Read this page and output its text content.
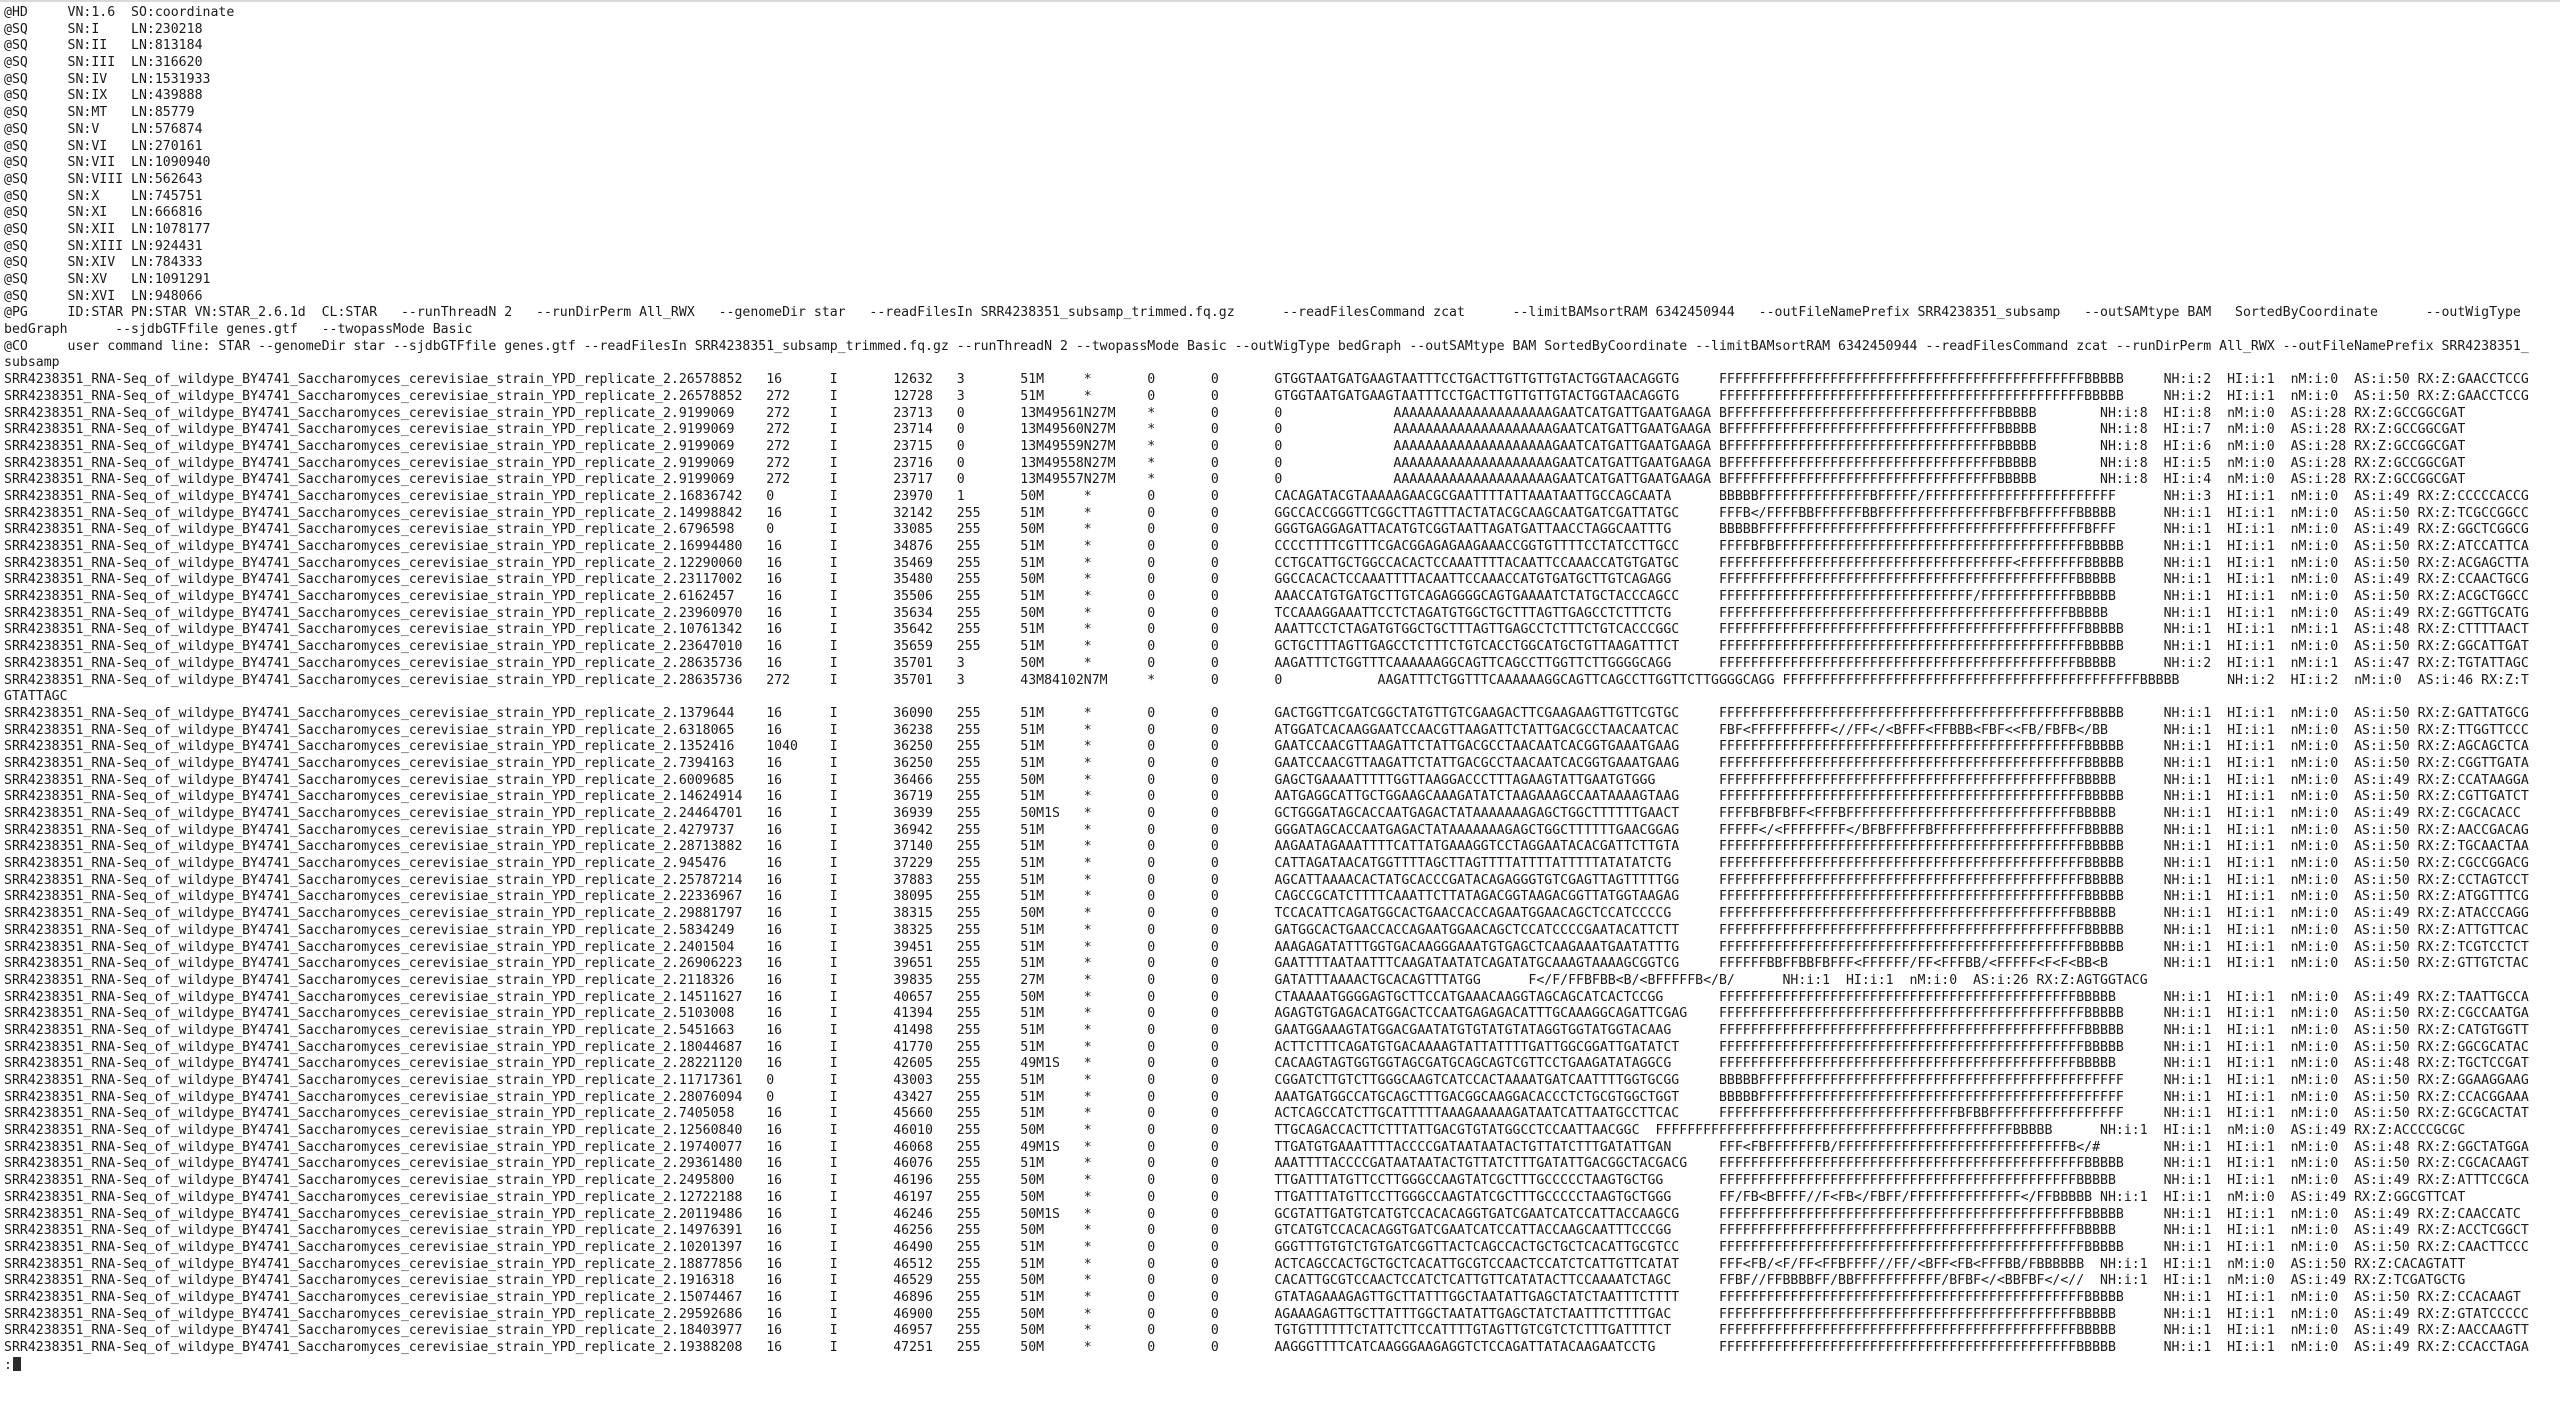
@HD	VN:1.6	SO:coordinate
@SQ	SN:I	LN:230218
@SQ	SN:II	LN:813184
@SQ	SN:III	LN:316620
@SQ	SN:IV	LN:1531933
@SQ	SN:IX	LN:439888
@SQ	SN:MT	LN:85779
@SQ	SN:V	LN:576874
@SQ	SN:VI	LN:270161
@SQ	SN:VII	LN:1090940
@SQ	SN:VIII	LN:562643
@SQ	SN:X	LN:745751
@SQ	SN:XI	LN:666816
@SQ	SN:XII	LN:1078177
@SQ	SN:XIII	LN:924431
@SQ	SN:XIV	LN:784333
@SQ	SN:XV	LN:1091291
@SQ	SN:XVI	LN:948066
@PG	ID:STAR PN:STAR VN:STAR_2.6.1d  CL:STAR   --runThreadN 2   --runDirPerm All_RWX   --genomeDir star   --readFilesIn SRR4238351_subsamp_trimmed.fq.gz      --readFilesCommand zcat      --limitBAMsortRAM 6342450944   --outFileNamePrefix SRR4238351_subsamp   --outSAMtype BAM   SortedByCoordinate      --outWigType
bedGraph      --sjdbGTFfile genes.gtf   --twopassMode Basic
@CO	user command line: STAR --genomeDir star --sjdbGTFfile genes.gtf --readFilesIn SRR4238351_subsamp_trimmed.fq.gz --runThreadN 2 --twopassMode Basic --outWigType bedGraph --outSAMtype BAM SortedByCoordinate --limitBAMsortRAM 6342450944 --readFilesCommand zcat --runDirPerm All_RWX --outFileNamePrefix SRR4238351_
subsamp
SRR4238351_RNA-Seq_of_wildype_BY4741_Saccharomyces_cerevisiae_strain_YPD_replicate_2.26578852	16	I	12632	3	51M	*	0	0	GTGGTAATGATGAAGTAATTTCCTGACTTGTTGTTGTACTGGTAACAGGTG	FFFFFFFFFFFFFFFFFFFFFFFFFFFFFFFFFFFFFFFFFFFFFFBBBBB	NH:i:2  HI:i:1  nM:i:0  AS:i:50 RX:Z:GAACCTCCG
SRR4238351_RNA-Seq_of_wildype_BY4741_Saccharomyces_cerevisiae_strain_YPD_replicate_2.26578852	272	I	12728	3	51M	*	0	0	GTGGTAATGATGAAGTAATTTCCTGACTTGTTGTTGTACTGGTAACAGGTG	FFFFFFFFFFFFFFFFFFFFFFFFFFFFFFFFFFFFFFFFFFFFFFBBBBB	NH:i:2  HI:i:1  nM:i:0  AS:i:50 RX:Z:GAACCTCCG
SRR4238351_RNA-Seq_of_wildype_BY4741_Saccharomyces_cerevisiae_strain_YPD_replicate_2.9199069	272	I	23713	0	13M49561N27M	*	0	0	AAAAAAAAAAAAAAAAAAAAGAATCATGATTGAATGAAGA	BFFFFFFFFFFFFFFFFFFFFFFFFFFFFFFFFFFBBBBB	NH:i:8  HI:i:8  nM:i:0  AS:i:28 RX:Z:GCCGGCGAT
SRR4238351_RNA-Seq_of_wildype_BY4741_Saccharomyces_cerevisiae_strain_YPD_replicate_2.9199069	272	I	23714	0	13M49560N27M	*	0	0	AAAAAAAAAAAAAAAAAAAAGAATCATGATTGAATGAAGA	BFFFFFFFFFFFFFFFFFFFFFFFFFFFFFFFFFFBBBBB	NH:i:8  HI:i:7  nM:i:0  AS:i:28 RX:Z:GCCGGCGAT
SRR4238351_RNA-Seq_of_wildype_BY4741_Saccharomyces_cerevisiae_strain_YPD_replicate_2.9199069	272	I	23715	0	13M49559N27M	*	0	0	AAAAAAAAAAAAAAAAAAAAGAATCATGATTGAATGAAGA	BFFFFFFFFFFFFFFFFFFFFFFFFFFFFFFFFFFBBBBB	NH:i:8  HI:i:6  nM:i:0  AS:i:28 RX:Z:GCCGGCGAT
SRR4238351_RNA-Seq_of_wildype_BY4741_Saccharomyces_cerevisiae_strain_YPD_replicate_2.9199069	272	I	23716	0	13M49558N27M	*	0	0	AAAAAAAAAAAAAAAAAAAAGAATCATGATTGAATGAAGA	BFFFFFFFFFFFFFFFFFFFFFFFFFFFFFFFFFFBBBBB	NH:i:8  HI:i:5  nM:i:0  AS:i:28 RX:Z:GCCGGCGAT
SRR4238351_RNA-Seq_of_wildype_BY4741_Saccharomyces_cerevisiae_strain_YPD_replicate_2.9199069	272	I	23717	0	13M49557N27M	*	0	0	AAAAAAAAAAAAAAAAAAAAGAATCATGATTGAATGAAGA	BFFFFFFFFFFFFFFFFFFFFFFFFFFFFFFFFFFBBBBB	NH:i:8  HI:i:4  nM:i:0  AS:i:28 RX:Z:GCCGGCGAT
SRR4238351_RNA-Seq_of_wildype_BY4741_Saccharomyces_cerevisiae_strain_YPD_replicate_2.16836742	0	I	23970	1	50M	*	0	0	CACAGATACGTAAAAAGAACGCGAATTTTATTAAATAATTGCCAGCAATA	BBBBBFFFFFFFFFFFFFFBFFFFF/FFFFFFFFFFFFFFFFFFFFFFFF	NH:i:3  HI:i:1  nM:i:0  AS:i:49 RX:Z:CCCCCACCG
SRR4238351_RNA-Seq_of_wildype_BY4741_Saccharomyces_cerevisiae_strain_YPD_replicate_2.14998842	16	I	32142	255	51M	*	0	0	GGCCACCGGGTTCGGCTTAGTTTACTATACGCAAGCAATGATCGATTATGC	FFFB</FFFFBBFFFFFFBBFFFFFFFFFFFFFFFBFFBFFFFFFBBBBB	NH:i:1  HI:i:1  nM:i:0  AS:i:50 RX:Z:TCGCCGGCC
SRR4238351_RNA-Seq_of_wildype_BY4741_Saccharomyces_cerevisiae_strain_YPD_replicate_2.6796598	0	I	33085	255	50M	*	0	0	GGGTGAGGAGATTACATGTCGGTAATTAGATGATTAACCTAGGCAATTTG	BBBBBFFFFFFFFFFFFFFFFFFFFFFFFFFFFFFFFFFFFFFFFFBFFF	NH:i:1  HI:i:1  nM:i:0  AS:i:49 RX:Z:GGCTCGGCG
SRR4238351_RNA-Seq_of_wildype_BY4741_Saccharomyces_cerevisiae_strain_YPD_replicate_2.16994480	16	I	34876	255	51M	*	0	0	CCCCTTTTCGTTTCGACGGAGAGAAGAAACCGGTGTTTTCCTATCCTTGCC	FFFFBFBFFFFFFFFFFFFFFFFFFFFFFFFFFFFFFFFFFFFFFFBBBBB	NH:i:1  HI:i:1  nM:i:0  AS:i:50 RX:Z:ATCCATTCA
SRR4238351_RNA-Seq_of_wildype_BY4741_Saccharomyces_cerevisiae_strain_YPD_replicate_2.12290060	16	I	35469	255	51M	*	0	0	CCTGCATTGCTGGCCACACTCCAAATTTTACAATTCCAAACCATGTGATGC	FFFFFFFFFFFFFFFFFFFFFFFFFFFFFFFFFFFFF<FFFFFFFFBBBBB	NH:i:1  HI:i:1  nM:i:0  AS:i:50 RX:Z:ACGAGCTTA
SRR4238351_RNA-Seq_of_wildype_BY4741_Saccharomyces_cerevisiae_strain_YPD_replicate_2.23117002	16	I	35480	255	50M	*	0	0	GGCCACACTCCAAATTTTACAATTCCAAACCATGTGATGCTTGTCAGAGG	FFFFFFFFFFFFFFFFFFFFFFFFFFFFFFFFFFFFFFFFFFFFFBBBBB	NH:i:1  HI:i:1  nM:i:0  AS:i:49 RX:Z:CCAACTGCG
SRR4238351_RNA-Seq_of_wildype_BY4741_Saccharomyces_cerevisiae_strain_YPD_replicate_2.6162457	16	I	35506	255	51M	*	0	0	AAACCATGTGATGCTTGTCAGAGGGGCAGTGAAAATCTATGCTACCCAGCC	FFFFFFFFFFFFFFFFFFFFFFFFFFFFFFFF/FFFFFFFFFFFFBBBBB	NH:i:1  HI:i:1  nM:i:0  AS:i:50 RX:Z:ACGCTGGCC
SRR4238351_RNA-Seq_of_wildype_BY4741_Saccharomyces_cerevisiae_strain_YPD_replicate_2.23960970	16	I	35634	255	50M	*	0	0	TCCAAAGGAAATTCCTCTAGATGTGGCTGCTTTAGTTGAGCCTCTTTCTG	FFFFFFFFFFFFFFFFFFFFFFFFFFFFFFFFFFFFFFFFFFFFBBBBB	NH:i:1  HI:i:1  nM:i:0  AS:i:49 RX:Z:GGTTGCATG
SRR4238351_RNA-Seq_of_wildype_BY4741_Saccharomyces_cerevisiae_strain_YPD_replicate_2.10761342	16	I	35642	255	51M	*	0	0	AAATTCCTCTAGATGTGGCTGCTTTAGTTGAGCCTCTTTCTGTCACCCGGC	FFFFFFFFFFFFFFFFFFFFFFFFFFFFFFFFFFFFFFFFFFFFFFBBBBB	NH:i:1  HI:i:1  nM:i:1  AS:i:48 RX:Z:CTTTTAACT
SRR4238351_RNA-Seq_of_wildype_BY4741_Saccharomyces_cerevisiae_strain_YPD_replicate_2.23647010	16	I	35659	255	51M	*	0	0	GCTGCTTTAGTTGAGCCTCTTTCTGTCACCTGGCATGCTGTTAAGATTTCT	FFFFFFFFFFFFFFFFFFFFFFFFFFFFFFFFFFFFFFFFFFFFFFBBBBB	NH:i:1  HI:i:1  nM:i:0  AS:i:50 RX:Z:GGCATTGAT
SRR4238351_RNA-Seq_of_wildype_BY4741_Saccharomyces_cerevisiae_strain_YPD_replicate_2.28635736	16	I	35701	3	50M	*	0	0	AAGATTTCTGGTTTCAAAAAAGGCAGTTCAGCCTTGGTTCTTGGGGCAGG	FFFFFFFFFFFFFFFFFFFFFFFFFFFFFFFFFFFFFFFFFFFFFBBBBB	NH:i:2  HI:i:1  nM:i:1  AS:i:47 RX:Z:TGTATTAGC
SRR4238351_RNA-Seq_of_wildype_BY4741_Saccharomyces_cerevisiae_strain_YPD_replicate_2.28635736	272	I	35701	3	43M84102N7M	*	0	0	AAGATTTCTGGTTTCAAAAAAGGCAGTTCAGCCTTGGTTCTTGGGGCAGG	FFFFFFFFFFFFFFFFFFFFFFFFFFFFFFFFFFFFFFFFFFFFFBBBBB	NH:i:2  HI:i:2  nM:i:0  AS:i:46 RX:Z:T
GTATTAGC
SRR4238351_RNA-Seq_of_wildype_BY4741_Saccharomyces_cerevisiae_strain_YPD_replicate_2.1379644	16	I	36090	255	51M	*	0	0	GACTGGTTCGATCGGCTATGTTGTCGAAGACTTCGAAGAAGTTGTTCGTGC	FFFFFFFFFFFFFFFFFFFFFFFFFFFFFFFFFFFFFFFFFFFFFFBBBBB	NH:i:1  HI:i:1  nM:i:0  AS:i:50 RX:Z:GATTATGCG
SRR4238351_RNA-Seq_of_wildype_BY4741_Saccharomyces_cerevisiae_strain_YPD_replicate_2.6318065	16	I	36238	255	51M	*	0	0	ATGGATCACAAGGAATCCAACGTTAAGATTCTATTGACGCCTAACAATCAC	FBF<FFFFFFFFFF<//FF</<BFFF<FFBBB<FBF<<FB/FBFB</BB	NH:i:1  HI:i:1  nM:i:0  AS:i:50 RX:Z:TTGGTTCCC
SRR4238351_RNA-Seq_of_wildype_BY4741_Saccharomyces_cerevisiae_strain_YPD_replicate_2.1352416	1040	I	36250	255	51M	*	0	0	GAATCCAACGTTAAGATTCTATTGACGCCTAACAATCACGGTGAAATGAAG	FFFFFFFFFFFFFFFFFFFFFFFFFFFFFFFFFFFFFFFFFFFFFFBBBBB	NH:i:1  HI:i:1  nM:i:0  AS:i:50 RX:Z:AGCAGCTCA
SRR4238351_RNA-Seq_of_wildype_BY4741_Saccharomyces_cerevisiae_strain_YPD_replicate_2.7394163	16	I	36250	255	51M	*	0	0	GAATCCAACGTTAAGATTCTATTGACGCCTAACAATCACGGTGAAATGAAG	FFFFFFFFFFFFFFFFFFFFFFFFFFFFFFFFFFFFFFFFFFFFFFBBBBB	NH:i:1  HI:i:1  nM:i:0  AS:i:50 RX:Z:CGGTTGATA
SRR4238351_RNA-Seq_of_wildype_BY4741_Saccharomyces_cerevisiae_strain_YPD_replicate_2.6009685	16	I	36466	255	50M	*	0	0	GAGCTGAAAATTTTTGGTTAAGGACCCTTTAGAAGTATTGAATGTGGG	FFFFFFFFFFFFFFFFFFFFFFFFFFFFFFFFFFFFFFFFFFFFFBBBBB	NH:i:1  HI:i:1  nM:i:0  AS:i:49 RX:Z:CCATAAGGA
SRR4238351_RNA-Seq_of_wildype_BY4741_Saccharomyces_cerevisiae_strain_YPD_replicate_2.14624914	16	I	36719	255	51M	*	0	0	AATGAGGCATTGCTGGAAGCAAAGATATCTAAGAAAGCCAATAAAAGTAAG	FFFFFFFFFFFFFFFFFFFFFFFFFFFFFFFFFFFFFFFFFFFFFFBBBBB	NH:i:1  HI:i:1  nM:i:0  AS:i:50 RX:Z:CGTTGATCT
SRR4238351_RNA-Seq_of_wildype_BY4741_Saccharomyces_cerevisiae_strain_YPD_replicate_2.24464701	16	I	36939	255	50M1S	*	0	0	GCTGGGATAGCACCAATGAGACTATAAAAAAAGAGCTGGCTTTTTTGAACT	FFFFBFBFBFF<FFFBFFFFFFFFFFFFFFFFFFFFFFFFFFFFFBBBBB	NH:i:1  HI:i:1  nM:i:0  AS:i:49 RX:Z:CGCACACC
SRR4238351_RNA-Seq_of_wildype_BY4741_Saccharomyces_cerevisiae_strain_YPD_replicate_2.4279737	16	I	36942	255	51M	*	0	0	GGGATAGCACCAATGAGACTATAAAAAAAGAGCTGGCTTTTTTGAACGGAG	FFFFF</<FFFFFFFF</BFBFFFFFBFFFFFFFFFFFFFFFFFFFBBBBB	NH:i:1  HI:i:1  nM:i:0  AS:i:50 RX:Z:AACCGACAG
SRR4238351_RNA-Seq_of_wildype_BY4741_Saccharomyces_cerevisiae_strain_YPD_replicate_2.28713882	16	I	37140	255	51M	*	0	0	AAGAATAGAAATTTTCATTATGAAAGGTCCTAGGAATACACGATTCTTGTA	FFFFFFFFFFFFFFFFFFFFFFFFFFFFFFFFFFFFFFFFFFFFFFBBBBB	NH:i:1  HI:i:1  nM:i:0  AS:i:50 RX:Z:TGCAACTAA
SRR4238351_RNA-Seq_of_wildype_BY4741_Saccharomyces_cerevisiae_strain_YPD_replicate_2.945476	16	I	37229	255	51M	*	0	0	CATTAGATAACATGGTTTTAGCTTAGTTTTATTTTATTTTTATATATCTG	FFFFFFFFFFFFFFFFFFFFFFFFFFFFFFFFFFFFFFFFFFFFFFBBBBB	NH:i:1  HI:i:1  nM:i:0  AS:i:50 RX:Z:CGCCGGACG
SRR4238351_RNA-Seq_of_wildype_BY4741_Saccharomyces_cerevisiae_strain_YPD_replicate_2.25787214	16	I	37883	255	51M	*	0	0	AGCATTAAAACACTATGCACCCGATACAGAGGGTGTCGAGTTAGTTTTTGG	FFFFFFFFFFFFFFFFFFFFFFFFFFFFFFFFFFFFFFFFFFFFFFBBBBB	NH:i:1  HI:i:1  nM:i:0  AS:i:50 RX:Z:CCTAGTCCT
SRR4238351_RNA-Seq_of_wildype_BY4741_Saccharomyces_cerevisiae_strain_YPD_replicate_2.22336967	16	I	38095	255	51M	*	0	0	CAGCCGCATCTTTTCAAATTCTTATAGACGGTAAGACGGTTATGGTAAGAG	FFFFFFFFFFFFFFFFFFFFFFFFFFFFFFFFFFFFFFFFFFFFFFBBBBB	NH:i:1  HI:i:1  nM:i:0  AS:i:50 RX:Z:ATGGTTTCG
SRR4238351_RNA-Seq_of_wildype_BY4741_Saccharomyces_cerevisiae_strain_YPD_replicate_2.29881797	16	I	38315	255	50M	*	0	0	TCCACATTCAGATGGCACTGAACCACCAGAATGGAACAGCTCCATCCCCG	FFFFFFFFFFFFFFFFFFFFFFFFFFFFFFFFFFFFFFFFFFFFFBBBBB	NH:i:1  HI:i:1  nM:i:0  AS:i:49 RX:Z:ATACCCAGG
SRR4238351_RNA-Seq_of_wildype_BY4741_Saccharomyces_cerevisiae_strain_YPD_replicate_2.5834249	16	I	38325	255	51M	*	0	0	GATGGCACTGAACCACCAGAATGGAACAGCTCCATCCCCGAATACATTCTT	FFFFFFFFFFFFFFFFFFFFFFFFFFFFFFFFFFFFFFFFFFFFFFBBBBB	NH:i:1  HI:i:1  nM:i:0  AS:i:50 RX:Z:ATTGTTCAC
SRR4238351_RNA-Seq_of_wildype_BY4741_Saccharomyces_cerevisiae_strain_YPD_replicate_2.2401504	16	I	39451	255	51M	*	0	0	AAAGAGATATTTGGTGACAAGGGAAATGTGAGCTCAAGAAATGAATATTTG	FFFFFFFFFFFFFFFFFFFFFFFFFFFFFFFFFFFFFFFFFFFFFFBBBBB	NH:i:1  HI:i:1  nM:i:0  AS:i:50 RX:Z:TCGTCCTCT
SRR4238351_RNA-Seq_of_wildype_BY4741_Saccharomyces_cerevisiae_strain_YPD_replicate_2.26906223	16	I	39651	255	51M	*	0	0	GAATTTTAATAATTTCAAGATAATATCAGATATGCAAAGTAAAAGCGGTCG	FFFFFFBBFFBBFBFFF<FFFFFF/FF<FFFBB/<FFFFF<F<F<BB<B	NH:i:1  HI:i:1  nM:i:0  AS:i:50 RX:Z:GTTGTCTAC
SRR4238351_RNA-Seq_of_wildype_BY4741_Saccharomyces_cerevisiae_strain_YPD_replicate_2.2118326	16	I	39835	255	27M	*	0	0	GATATTTAAAACTGCACAGTTTATGG	F</F/FFBFBB<B/<BFFFFFB</B/	NH:i:1  HI:i:1  nM:i:0  AS:i:26 RX:Z:AGTGGTACG
SRR4238351_RNA-Seq_of_wildype_BY4741_Saccharomyces_cerevisiae_strain_YPD_replicate_2.14511627	16	I	40657	255	50M	*	0	0	CTAAAAATGGGGAGTGCTTCCATGAAACAAGGTAGCAGCATCACTCCGG	FFFFFFFFFFFFFFFFFFFFFFFFFFFFFFFFFFFFFFFFFFFFFBBBBB	NH:i:1  HI:i:1  nM:i:0  AS:i:49 RX:Z:TAATTGCCA
SRR4238351_RNA-Seq_of_wildype_BY4741_Saccharomyces_cerevisiae_strain_YPD_replicate_2.5103008	16	I	41394	255	51M	*	0	0	AGAGTGTGAGACATGGACTCCAATGAGAGACATTTGCAAAGGCAGATTCGAG	FFFFFFFFFFFFFFFFFFFFFFFFFFFFFFFFFFFFFFFFFFFFFFBBBBB	NH:i:1  HI:i:1  nM:i:0  AS:i:50 RX:Z:CGCCAATGA
SRR4238351_RNA-Seq_of_wildype_BY4741_Saccharomyces_cerevisiae_strain_YPD_replicate_2.5451663	16	I	41498	255	51M	*	0	0	GAATGGAAAGTATGGACGAATATGTGTATGTATAGGTGGTATGGTACAAG	FFFFFFFFFFFFFFFFFFFFFFFFFFFFFFFFFFFFFFFFFFFFFFBBBBB	NH:i:1  HI:i:1  nM:i:0  AS:i:50 RX:Z:CATGTGGTT
SRR4238351_RNA-Seq_of_wildype_BY4741_Saccharomyces_cerevisiae_strain_YPD_replicate_2.18044687	16	I	41770	255	51M	*	0	0	ACTTCTTTCAGATGTGACAAAAGTATTATTTTGATTGGCGGATTGATATCT	FFFFFFFFFFFFFFFFFFFFFFFFFFFFFFFFFFFFFFFFFFFFFFBBBBB	NH:i:1  HI:i:1  nM:i:0  AS:i:50 RX:Z:GGCGCATAC
SRR4238351_RNA-Seq_of_wildype_BY4741_Saccharomyces_cerevisiae_strain_YPD_replicate_2.28221120	16	I	42605	255	49M1S	*	0	0	CACAAGTAGTGGTGGTAGCGATGCAGCAGTCGTTCCTGAAGATATAGGCG	FFFFFFFFFFFFFFFFFFFFFFFFFFFFFFFFFFFFFFFFFFFFFBBBBB	NH:i:1  HI:i:1  nM:i:0  AS:i:48 RX:Z:TGCTCCGAT
SRR4238351_RNA-Seq_of_wildype_BY4741_Saccharomyces_cerevisiae_strain_YPD_replicate_2.11717361	0	I	43003	255	51M	*	0	0	CGGATCTTGTCTTGGGCAAGTCATCCACTAAAATGATCAATTTTGGTGCGG	BBBBBFFFFFFFFFFFFFFFFFFFFFFFFFFFFFFFFFFFFFFFFFFFFFF	NH:i:1  HI:i:1  nM:i:0  AS:i:50 RX:Z:GGAAGGAAG
SRR4238351_RNA-Seq_of_wildype_BY4741_Saccharomyces_cerevisiae_strain_YPD_replicate_2.28076094	0	I	43427	255	51M	*	0	0	AAATGATGGCCATGCAGCTTTGACGGCAAGGACACCCTCTGCGTGGCTGGT	BBBBBFFFFFFFFFFFFFFFFFFFFFFFFFFFFFFFFFFFFFFFFFFFFFF	NH:i:1  HI:i:1  nM:i:0  AS:i:50 RX:Z:CCACGGAAA
SRR4238351_RNA-Seq_of_wildype_BY4741_Saccharomyces_cerevisiae_strain_YPD_replicate_2.7405058	16	I	45660	255	51M	*	0	0	ACTCAGCCATCTTGCATTTTTAAAGAAAAAGATAATCATTAATGCCTTCAC	FFFFFFFFFFFFFFFFFFFFFFFFFFFFFFBFBBFFFFFFFFFFFFFFFFF	NH:i:1  HI:i:1  nM:i:0  AS:i:50 RX:Z:GCGCACTAT
SRR4238351_RNA-Seq_of_wildype_BY4741_Saccharomyces_cerevisiae_strain_YPD_replicate_2.12560840	16	I	46010	255	50M	*	0	0	TTGCAGACCACTTCTTTATTGACGTGTATGGCCTCCAATTAACGGC	FFFFFFFFFFFFFFFFFFFFFFFFFFFFFFFFFFFFFFFFFFFFFBBBBB	NH:i:1  HI:i:1  nM:i:0  AS:i:49 RX:Z:ACCCCGCGC
SRR4238351_RNA-Seq_of_wildype_BY4741_Saccharomyces_cerevisiae_strain_YPD_replicate_2.19740077	16	I	46068	255	49M1S	*	0	0	TTGATGTGAAATTTTACCCCGATAATAATACTGTTATCTTTGATATTGAN	FFF<FBFFFFFFFB/FFFFFFFFFFFFFFFFFFFFFFFFFFFFFB</#	NH:i:1  HI:i:1  nM:i:0  AS:i:48 RX:Z:GGCTATGGA
SRR4238351_RNA-Seq_of_wildype_BY4741_Saccharomyces_cerevisiae_strain_YPD_replicate_2.29361480	16	I	46076	255	51M	*	0	0	AAATTTTACCCCGATAATAATACTGTTATCTTTGATATTGACGGCTACGACG	FFFFFFFFFFFFFFFFFFFFFFFFFFFFFFFFFFFFFFFFFFFFFFBBBBB	NH:i:1  HI:i:1  nM:i:0  AS:i:50 RX:Z:CGCACAAGT
SRR4238351_RNA-Seq_of_wildype_BY4741_Saccharomyces_cerevisiae_strain_YPD_replicate_2.2495800	16	I	46196	255	50M	*	0	0	TTGATTTATGTTCCTTGGGCCAAGTATCGCTTTGCCCCCTAAGTGCTGG	FFFFFFFFFFFFFFFFFFFFFFFFFFFFFFFFFFFFFFFFFFFFFBBBBB	NH:i:1  HI:i:1  nM:i:0  AS:i:49 RX:Z:ATTTCCGCA
SRR4238351_RNA-Seq_of_wildype_BY4741_Saccharomyces_cerevisiae_strain_YPD_replicate_2.12722188	16	I	46197	255	50M	*	0	0	TTGATTTATGTTCCTTGGGCCAAGTATCGCTTTGCCCCCTAAGTGCTGGG	FF/FB<BFFFF//F<FB</FBFF/FFFFFFFFFFFFFF</FFBBBBB	NH:i:1  HI:i:1  nM:i:0  AS:i:49 RX:Z:GGCGTTCAT
SRR4238351_RNA-Seq_of_wildype_BY4741_Saccharomyces_cerevisiae_strain_YPD_replicate_2.20119486	16	I	46246	255	50M1S	*	0	0	GCGTATTGATGTCATGTCCACACAGGTGATCGAATCATCCATTACCAAGCG	FFFFFFFFFFFFFFFFFFFFFFFFFFFFFFFFFFFFFFFFFFFFFFBBBBB	NH:i:1  HI:i:1  nM:i:0  AS:i:49 RX:Z:CAACCATC
SRR4238351_RNA-Seq_of_wildype_BY4741_Saccharomyces_cerevisiae_strain_YPD_replicate_2.14976391	16	I	46256	255	50M	*	0	0	GTCATGTCCACACAGGTGATCGAATCATCCATTACCAAGCAATTTCCCGG	FFFFFFFFFFFFFFFFFFFFFFFFFFFFFFFFFFFFFFFFFFFFFBBBBB	NH:i:1  HI:i:1  nM:i:0  AS:i:49 RX:Z:ACCTCGGCT
SRR4238351_RNA-Seq_of_wildype_BY4741_Saccharomyces_cerevisiae_strain_YPD_replicate_2.10201397	16	I	46490	255	51M	*	0	0	GGGTTTGTGTCTGTGATCGGTTACTCAGCCACTGCTGCTCACATTGCGTCC	FFFFFFFFFFFFFFFFFFFFFFFFFFFFFFFFFFFFFFFFFFFFFFBBBBB	NH:i:1  HI:i:1  nM:i:0  AS:i:50 RX:Z:CAACTTCCC
SRR4238351_RNA-Seq_of_wildype_BY4741_Saccharomyces_cerevisiae_strain_YPD_replicate_2.18877856	16	I	46512	255	51M	*	0	0	ACTCAGCCACTGCTGCTCACATTGCGTCCAACTCCATCTCATTGTTCATAT	FFF<FB/<F/FF<FFBFFFF//FF/<BFF<FB<FFFBB/FBBBBBB	NH:i:1  HI:i:1  nM:i:0  AS:i:50 RX:Z:CACAGTATT
SRR4238351_RNA-Seq_of_wildype_BY4741_Saccharomyces_cerevisiae_strain_YPD_replicate_2.1916318	16	I	46529	255	50M	*	0	0	CACATTGCGTCCAACTCCATCTCATTGTTCATATACTTCCAAAATCTAGC	FFBF//FFBBBBFF/BBFFFFFFFFFFF/BFBF</<BBFBF</<//	NH:i:1  HI:i:1  nM:i:0  AS:i:49 RX:Z:TCGATGCTG
SRR4238351_RNA-Seq_of_wildype_BY4741_Saccharomyces_cerevisiae_strain_YPD_replicate_2.15074467	16	I	46896	255	51M	*	0	0	GTATAGAAAGAGTTGCTTATTTGGCTAATATTGAGCTATCTAATTTCTTTT	FFFFFFFFFFFFFFFFFFFFFFFFFFFFFFFFFFFFFFFFFFFFFFBBBBB	NH:i:1  HI:i:1  nM:i:0  AS:i:50 RX:Z:CCACAAGT
SRR4238351_RNA-Seq_of_wildype_BY4741_Saccharomyces_cerevisiae_strain_YPD_replicate_2.29592686	16	I	46900	255	50M	*	0	0	AGAAAGAGTTGCTTATTTGGCTAATATTGAGCTATCTAATTTCTTTTGAC	FFFFFFFFFFFFFFFFFFFFFFFFFFFFFFFFFFFFFFFFFFFFFBBBBB	NH:i:1  HI:i:1  nM:i:0  AS:i:49 RX:Z:GTATCCCCC
SRR4238351_RNA-Seq_of_wildype_BY4741_Saccharomyces_cerevisiae_strain_YPD_replicate_2.18403977	16	I	46957	255	50M	*	0	0	TGTGTTTTTTCTATTCTTCCATTTTGTAGTTGTCGTCTCTTTGATTTTCT	FFFFFFFFFFFFFFFFFFFFFFFFFFFFFFFFFFFFFFFFFFFFFBBBBB	NH:i:1  HI:i:1  nM:i:0  AS:i:49 RX:Z:AACCAAGTT
SRR4238351_RNA-Seq_of_wildype_BY4741_Saccharomyces_cerevisiae_strain_YPD_replicate_2.19388208	16	I	47251	255	50M	*	0	0	AAGGGTTTTCATCAAGGGAAGAGGTCTCCAGATTATACAAGAATCCTG	FFFFFFFFFFFFFFFFFFFFFFFFFFFFFFFFFFFFFFFFFFFFFBBBBB	NH:i:1  HI:i:1  nM:i:0  AS:i:49 RX:Z:CCACCTAGA
:
